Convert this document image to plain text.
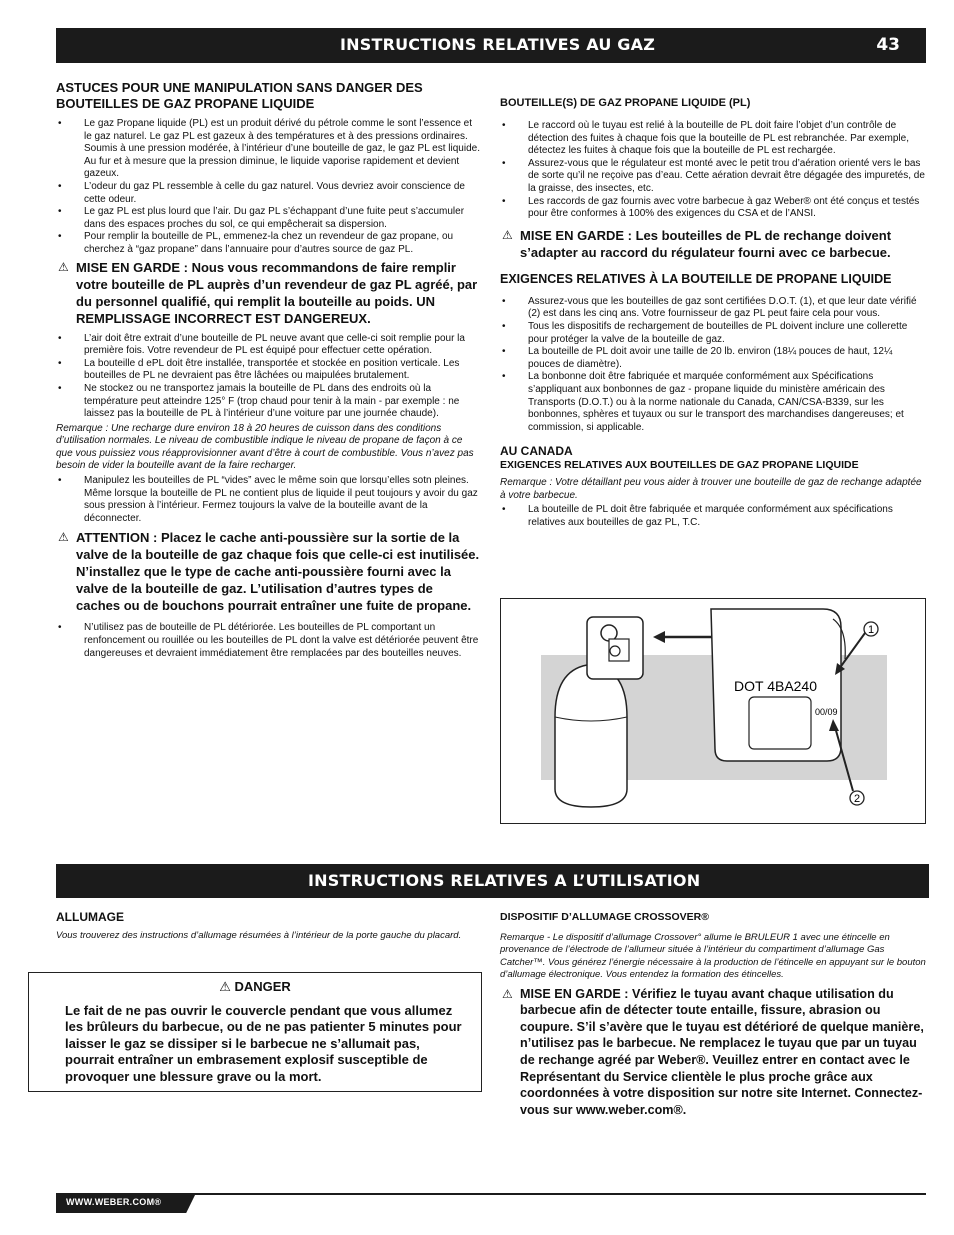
INSTRUCTIONS RELATIVES AU GAZ	43
ASTUCES POUR UNE MANIPULATION SANS DANGER DES BOUTEILLES DE GAZ PROPANE LIQUIDE
• Le gaz Propane liquide (PL) est un produit dérivé du pétrole comme le sont l’essence et le gaz naturel. Le gaz PL est gazeux à des températures et à des pressions ordinaires. Soumis à une pression modérée, à l’intérieur d’une bouteille de gaz, le gaz PL est liquide. Au fur et à mesure que la pression diminue, le liquide vaporise rapidement et devient gazeux.
• L’odeur du gaz PL ressemble à celle du gaz naturel. Vous devriez avoir conscience de cette odeur.
• Le gaz PL est plus lourd que l’air. Du gaz PL s’échappant d’une fuite peut s’accumuler dans des espaces proches du sol, ce qui empêcherait sa dispersion.
• Pour remplir la bouteille de PL, emmenez-la chez un revendeur de gaz propane, ou cherchez à “gaz propane” dans l’annuaire pour d’autres source de gaz PL.
⚠ MISE EN GARDE : Nous vous recommandons de faire remplir votre bouteille de PL auprès d’un revendeur de gaz PL agréé, par du personnel qualifié, qui remplit la bouteille au poids. UN REMPLISSAGE INCORRECT EST DANGEREUX.
• L’air doit être extrait d’une bouteille de PL neuve avant que celle-ci soit remplie pour la première fois. Votre revendeur de PL est équipé pour effectuer cette opération.
• La bouteille d ePL doit être installée, transportée et stockée en position verticale. Les bouteilles de PL ne devraient pas être lâchées ou maipulées brutalement.
• Ne stockez ou ne transportez jamais la bouteille de PL dans des endroits où la température peut atteindre 125° F (trop chaud pour tenir à la main - par exemple : ne laissez pas la bouteille de PL à l’intérieur d’une voiture par une journée chaude).

Remarque : Une recharge dure environ 18 à 20 heures de cuisson dans des conditions d’utilisation normales. Le niveau de combustible indique le niveau de propane de façon à ce que vous puissiez vous réapprovisionner avant d’être à court de combustible. Vous n’avez pas besoin de vider la bouteille avant de la faire recharger.

• Manipulez les bouteilles de PL “vides” avec le même soin que lorsqu’elles sotn pleines. Même lorsque la bouteille de PL ne contient plus de liquide il peut toujours y avoir du gaz sous pression à l’intérieur. Fermez toujours la valve de la bouteille avant de la déconnecter.
⚠ ATTENTION : Placez le cache anti-poussière sur la sortie de la valve de la bouteille de gaz chaque fois que celle-ci est inutilisée. N’installez que le type de cache anti-poussière fourni avec la valve de la bouteille de gaz. L’utilisation d’autres types de caches ou de bouchons pourrait entraîner une fuite de propane.
• N’utilisez pas de bouteille de PL détériorée. Les bouteilles de PL comportant un renfoncement ou rouillée ou les bouteilles de PL dont la valve est détériorée peuvent être dangereuses et devraient immédiatement être remplacées par des bouteilles neuves.
BOUTEILLE(S) DE GAZ PROPANE LIQUIDE (PL)
• Le raccord où le tuyau est relié à la bouteille de PL doit faire l’objet d’un contrôle de détection des fuites à chaque fois que la bouteille de PL est rebranchée. Par exemple, détectez les fuites à chaque fois que la bouteille de PL est rechargée.
• Assurez-vous que le régulateur est monté avec le petit trou d’aération orienté vers le bas de sorte qu’il ne reçoive pas d’eau. Cette aération devrait être dégagée des impuretés, de la graisse, des insectes, etc.
• Les raccords de gaz fournis avec votre barbecue à gaz Weber® ont été conçus et testés pour être conformes à 100% des exigences du CSA et de l’ANSI.
⚠ MISE EN GARDE : Les bouteilles de PL de rechange doivent s’adapter au raccord du régulateur fourni avec ce barbecue.
EXIGENCES RELATIVES À LA BOUTEILLE DE PROPANE LIQUIDE
• Assurez-vous que les bouteilles de gaz sont certifiées D.O.T. (1), et que leur date vérifié (2) est dans les cinq ans. Votre fournisseur de gaz PL peut faire cela pour vous.
• Tous les dispositifs de rechargement de bouteilles de PL doivent inclure une collerette pour protéger la valve de la bouteille de gaz.
• La bouteille de PL doit avoir une taille de 20 lb. environ (18¼ pouces de haut, 12¼ pouces de diamètre).
• La bonbonne doit être fabriquée et marquée conformément aux Spécifications s’appliquant aux bonbonnes de gaz - propane liquide du ministère américain des Transports (D.O.T.) ou à la norme nationale du Canada, CAN/CSA-B339, sur les bonbonnes, sphères et tuyaux ou sur le transport des marchandises dangereuses; et commission, si applicable.
AU CANADA
EXIGENCES RELATIVES AUX BOUTEILLES DE GAZ PROPANE LIQUIDE

Remarque : Votre détaillant peu vous aider à trouver une bouteille de gaz de rechange adaptée à votre barbecue.

• La bouteille de PL doit être fabriquée et marquée conformément aux spécifications relatives aux bouteilles de gaz PL, T.C.
DOT 4BA240
00/09
1
2
INSTRUCTIONS RELATIVES A L’UTILISATION
ALLUMAGE

Vous trouverez des instructions d’allumage résumées à l’intérieur de la porte gauche du placard.

⚠ DANGER
Le fait de ne pas ouvrir le couvercle pendant que vous allumez les brûleurs du barbecue, ou de ne pas patienter 5 minutes pour laisser le gaz se dissiper si le barbecue ne s’allumait pas, pourrait entraîner un embrasement explosif susceptible de provoquer une blessure grave ou la mort.
DISPOSITIF D’ALLUMAGE CROSSOVER®

Remarque - Le dispositif d’allumage Crossover° allume le BRULEUR 1 avec une étincelle en provenance de l’électrode de l’allumeur située à l’intérieur du compartiment d’allumage Gas Catcher™. Vous générez l’énergie nécessaire à la production de l’étincelle en appuyant sur le bouton d’allumage électronique. Vous entendez la formation des étincelles.

⚠ MISE EN GARDE : Vérifiez le tuyau avant chaque utilisation du barbecue afin de détecter toute entaille, fissure, abrasion ou coupure. S’il s’avère que le tuyau est détérioré de quelque manière, n’utilisez pas le barbecue. Ne remplacez le tuyau que par un tuyau de rechange agréé par Weber®. Veuillez entrer en contact avec le Représentant du Service clientèle le plus proche grâce aux coordonnées à votre disposition sur notre site Internet. Connectez-vous sur www.weber.com®.
WWW.WEBER.COM®
